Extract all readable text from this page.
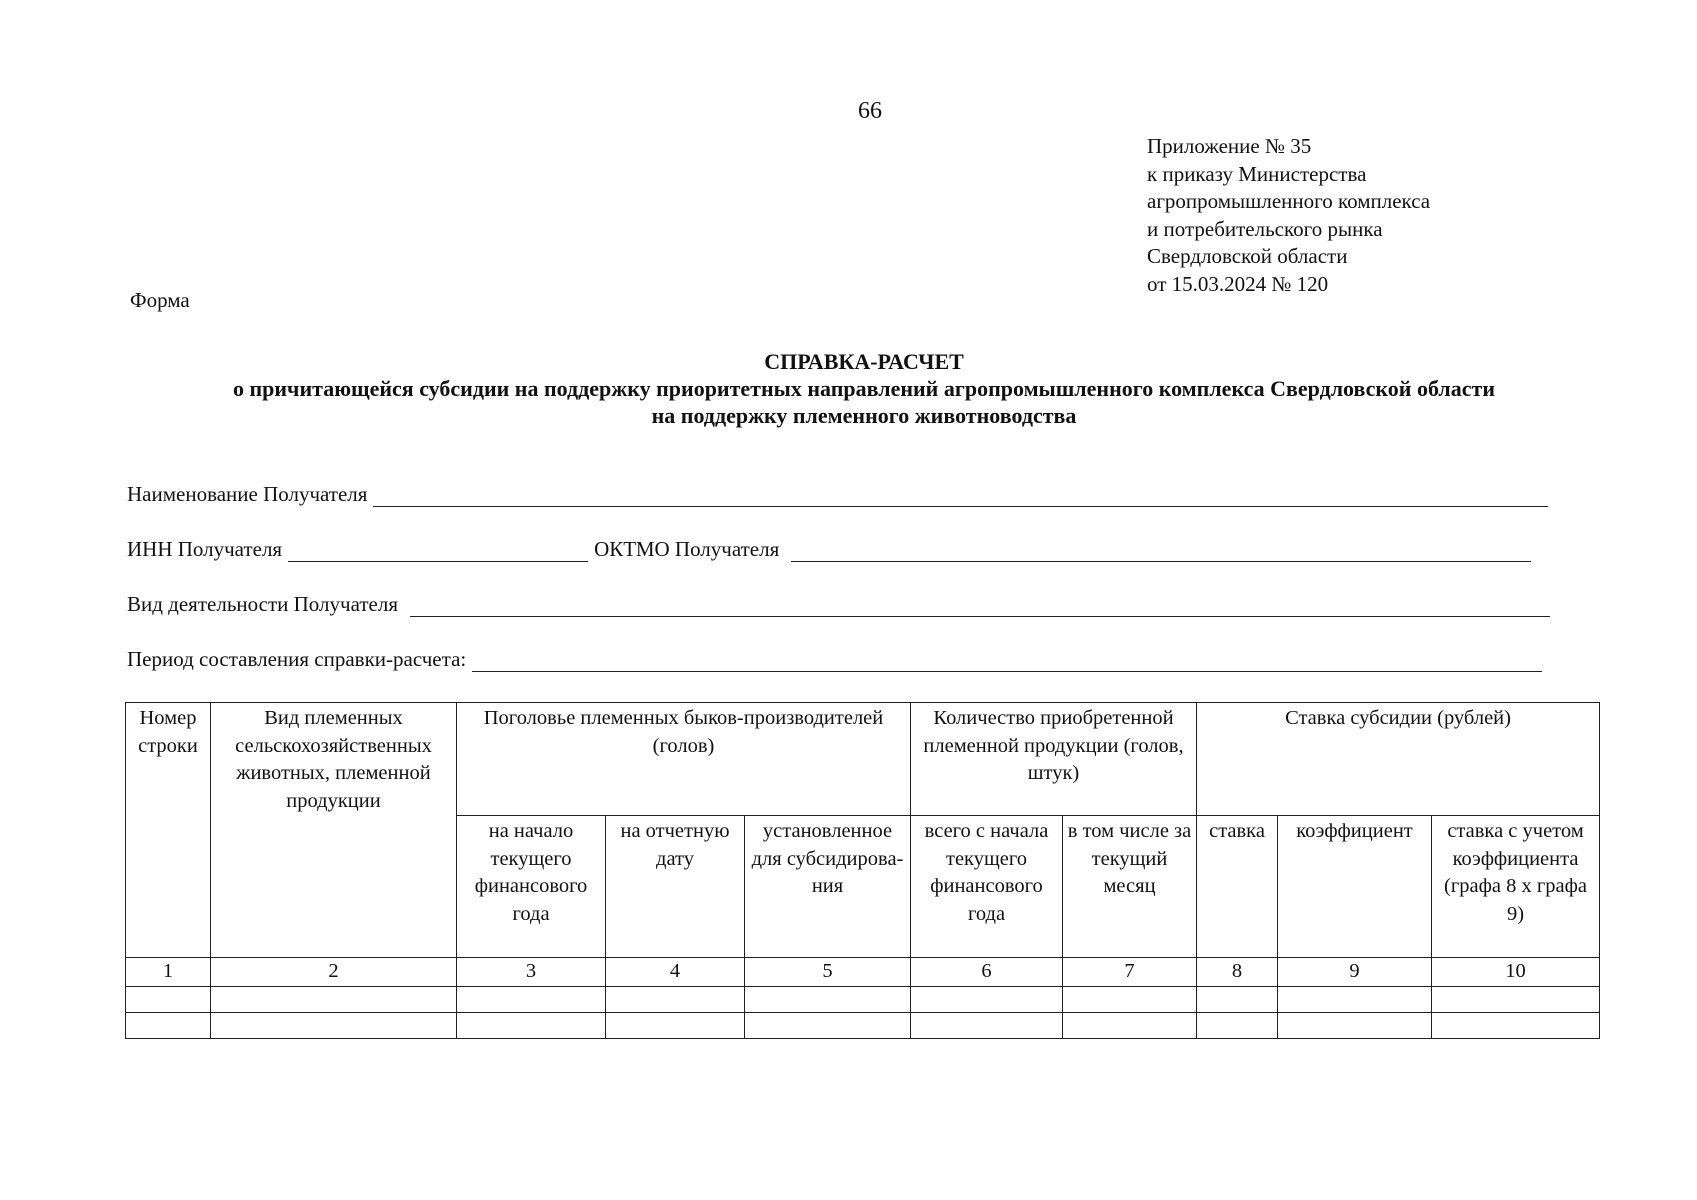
66
Приложение № 35
к приказу Министерства
агропромышленного комплекса
и потребительского рынка
Свердловской области
от 15.03.2024 № 120
Форма
СПРАВКА-РАСЧЕТ
о причитающейся субсидии на поддержку приоритетных направлений агропромышленного комплекса Свердловской области
на поддержку племенного животноводства
Наименование Получателя
ИНН Получателя	ОКТМО Получателя
Вид деятельности Получателя
Период составления справки-расчета:
Номер строки	Вид племенных сельскохозяйственных животных, племенной продукции	Поголовье племенных быков-производителей (голов)			Количество приобретенной племенной продукции (голов, штук)		Ставка субсидии (рублей)		
		на начало текущего финансового года	на отчетную дату	установленное для субсидирова-ния	всего с начала текущего финансового года	в том числе за текущий месяц	ставка	коэффициент	ставка с учетом коэффициента (графа 8 х графа 9)
1	2	3	4	5	6	7	8	9	10
